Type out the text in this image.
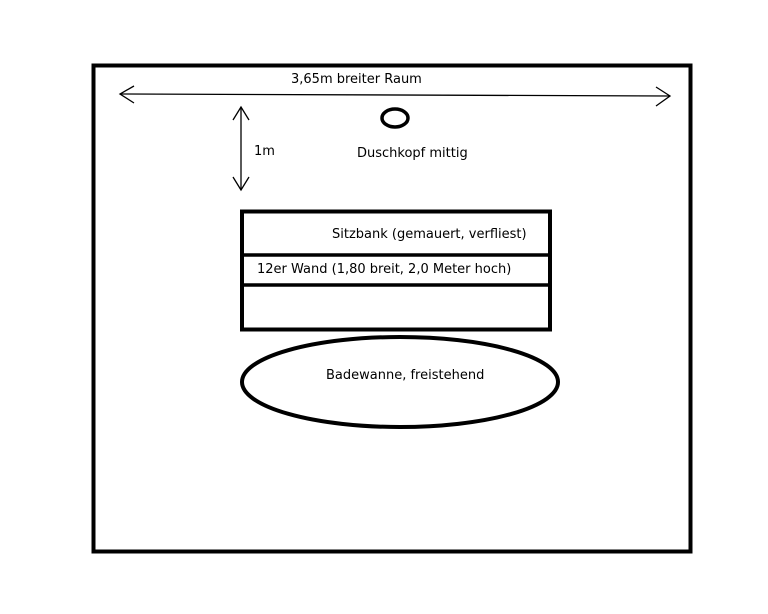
3,65m breiter Raum
1m	Duschkopf mittig
Sitzbank (gemauert, verfliest)
12er Wand (1,80 breit, 2,0 Meter hoch)
Badewanne, freistehend
